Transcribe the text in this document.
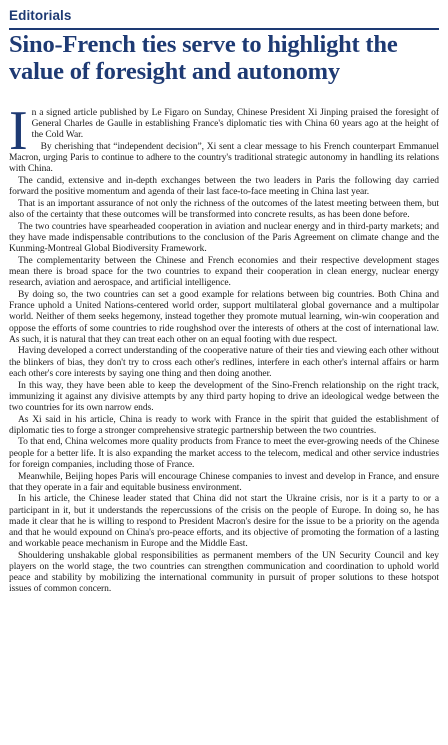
Editorials
Sino-French ties serve to highlight the value of foresight and autonomy

In a signed article published by Le Figaro on Sunday, Chinese President Xi Jinping praised the foresight of General Charles de Gaulle in establishing France's diplomatic ties with China 60 years ago at the height of the Cold War.

By cherishing that “independent decision”, Xi sent a clear message to his French counterpart Emmanuel Macron, urging Paris to continue to adhere to the country's traditional strategic autonomy in handling its relations with China.

The candid, extensive and in-depth exchanges between the two leaders in Paris the following day carried forward the positive momentum and agenda of their last face-to-face meeting in China last year.

That is an important assurance of not only the richness of the outcomes of the latest meeting between them, but also of the certainty that these outcomes will be transformed into concrete results, as has been done before.

The two countries have spearheaded cooperation in aviation and nuclear energy and in third-party markets; and they have made indispensable contributions to the conclusion of the Paris Agreement on climate change and the Kunming-Montreal Global Biodiversity Framework.

The complementarity between the Chinese and French economies and their respective development stages mean there is broad space for the two countries to expand their cooperation in clean energy, nuclear energy research, aviation and aerospace, and artificial intelligence.

By doing so, the two countries can set a good example for relations between big countries. Both China and France uphold a United Nations-centered world order, support multilateral global governance and a multipolar world. Neither of them seeks hegemony, instead together they promote mutual learning, win-win cooperation and oppose the efforts of some countries to ride roughshod over the interests of others at the cost of international law. As such, it is natural that they can treat each other on an equal footing with due respect.

Having developed a correct understanding of the cooperative nature of their ties and viewing each other without the blinkers of bias, they don't try to cross each other's redlines, interfere in each other's internal affairs or harm each other's core interests by saying one thing and then doing another.

In this way, they have been able to keep the development of the Sino-French relationship on the right track, immunizing it against any divisive attempts by any third party hoping to drive an ideological wedge between the two countries for its own narrow ends.

As Xi said in his article, China is ready to work with France in the spirit that guided the establishment of diplomatic ties to forge a stronger comprehensive strategic partnership between the two countries.

To that end, China welcomes more quality products from France to meet the ever-growing needs of the Chinese people for a better life. It is also expanding the market access to the telecom, medical and other service industries for foreign companies, including those of France.

Meanwhile, Beijing hopes Paris will encourage Chinese companies to invest and develop in France, and ensure that they operate in a fair and equitable business environment.

In his article, the Chinese leader stated that China did not start the Ukraine crisis, nor is it a party to or a participant in it, but it understands the repercussions of the crisis on the people of Europe. In doing so, he has made it clear that he is willing to respond to President Macron's desire for the issue to be a priority on the agenda and that he would expound on China's pro-peace efforts, and its objective of promoting the formation of a lasting and workable peace mechanism in Europe and the Middle East.

Shouldering unshakable global responsibilities as permanent members of the UN Security Council and key players on the world stage, the two countries can strengthen communication and coordination to uphold world peace and stability by mobilizing the international community in pursuit of proper solutions to these hotspot issues of common concern.
